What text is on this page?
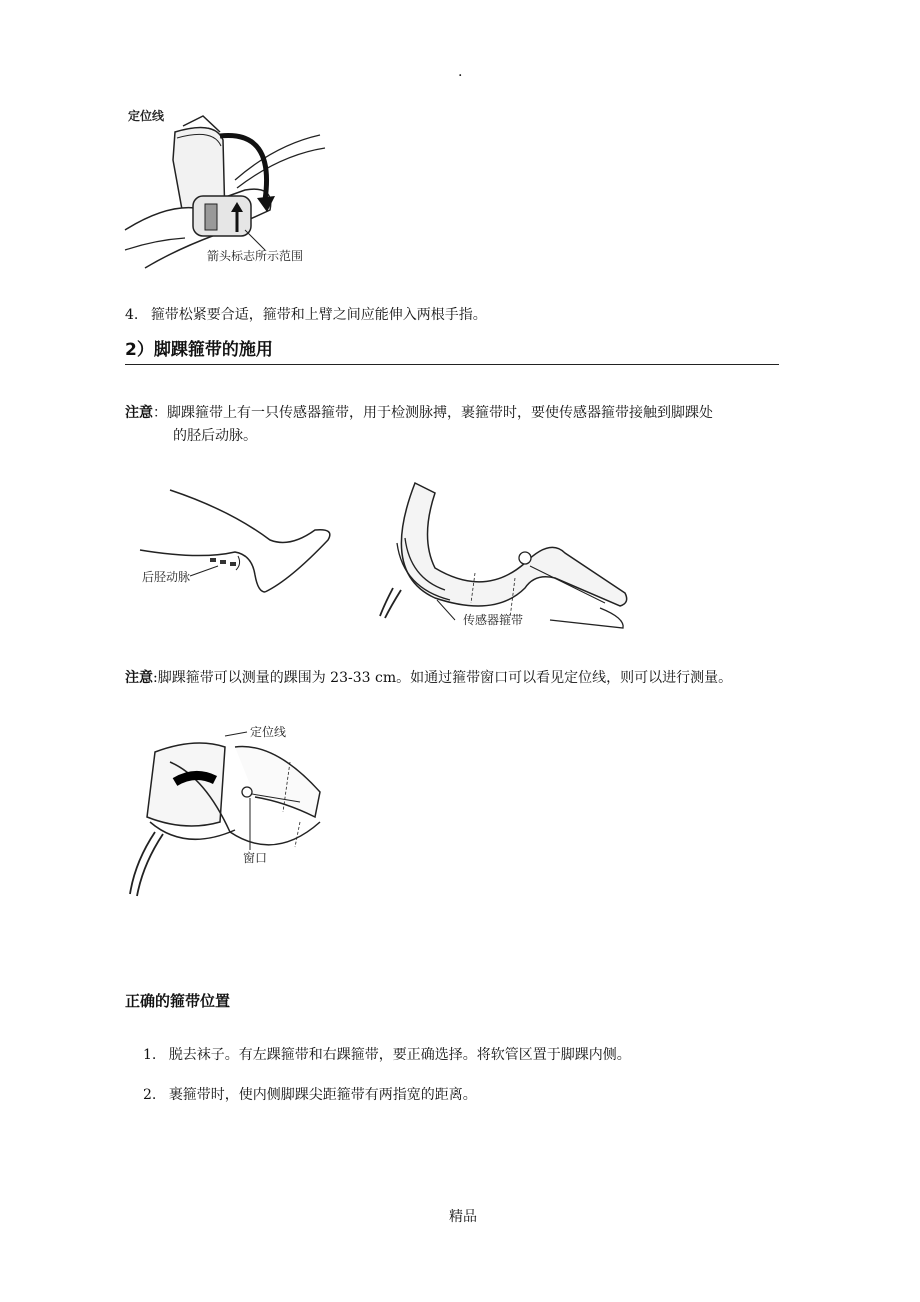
.
定位线
箭头标志所示范围
4. 箍带松紧要合适，箍带和上臂之间应能伸入两根手指。
2）脚踝箍带的施用
注意：脚踝箍带上有一只传感器箍带，用于检测脉搏，裹箍带时，要使传感器箍带接触到脚踝处
的胫后动脉。
后胫动脉
传感器箍带
注意:脚踝箍带可以测量的踝围为 23-33 cm。如通过箍带窗口可以看见定位线，则可以进行测量。
定位线
窗口
正确的箍带位置
1. 脱去袜子。有左踝箍带和右踝箍带，要正确选择。将软管区置于脚踝内侧。
2. 裹箍带时，使内侧脚踝尖距箍带有两指宽的距离。
精品
